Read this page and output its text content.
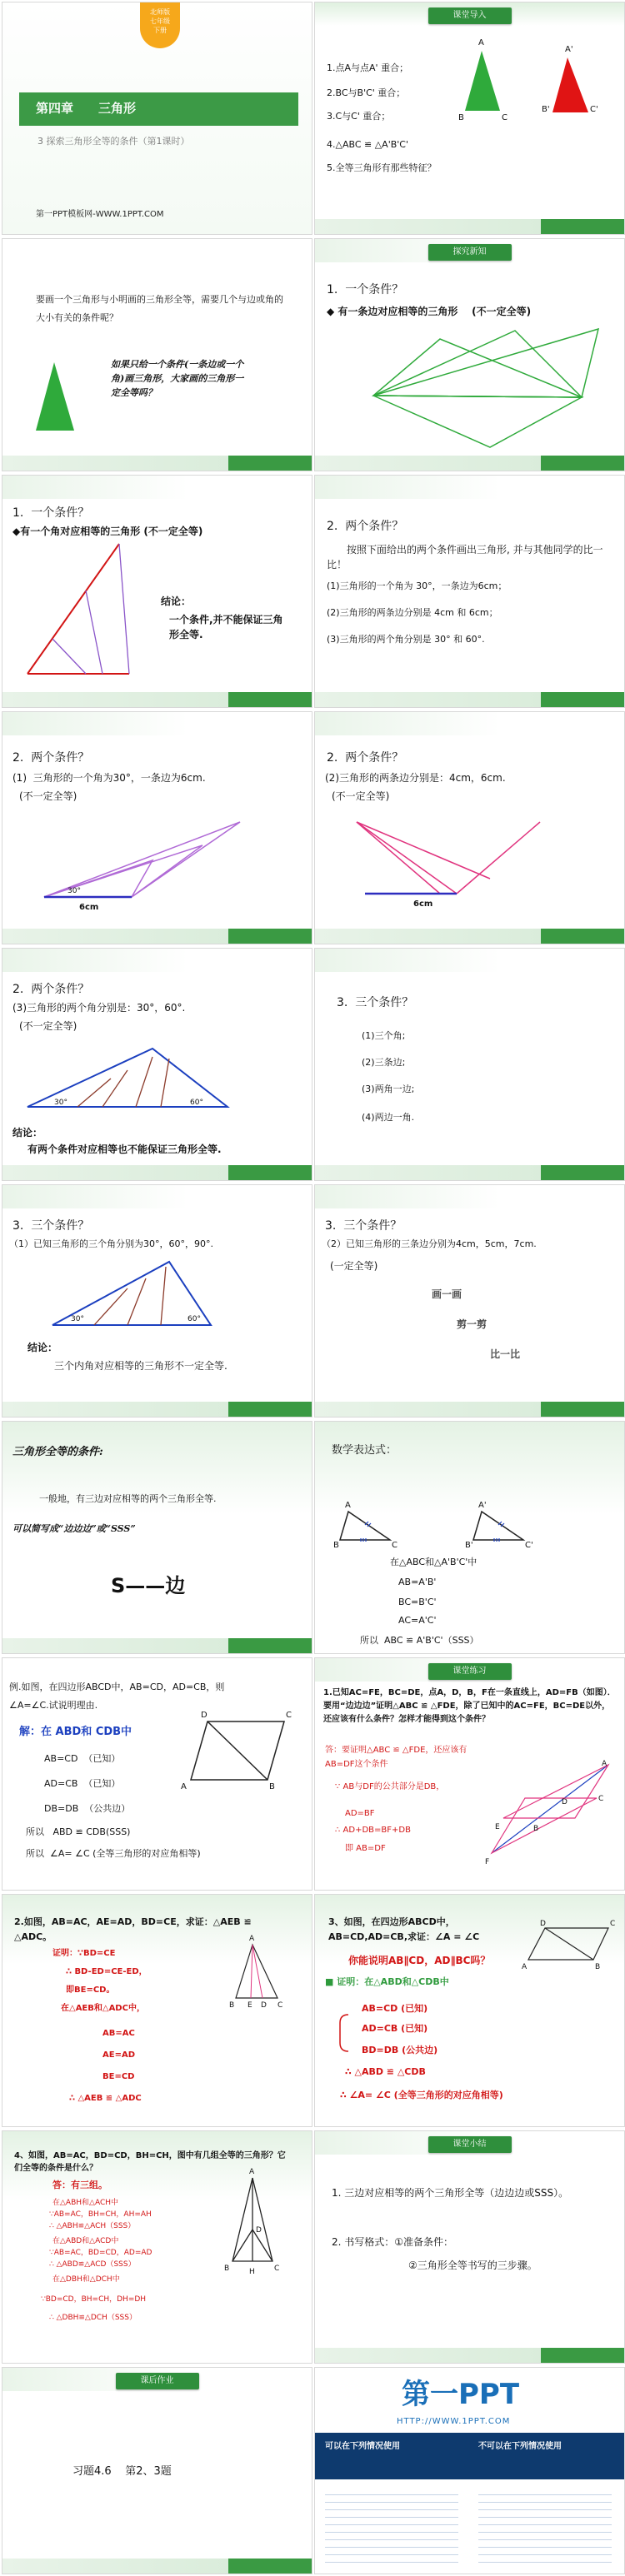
北师版
七年级
下册
第四章　　三角形
3 探索三角形全等的条件（第1课时）
第一PPT模板网-WWW.1PPT.COM
课堂导入
1.点A与点A' 重合；
2.BC与B'C' 重合；
3.C与C' 重合；
4.△ABC ≌ △A'B'C'
5.全等三角形有那些特征？
A
B	C
A'
B'	C'
要画一个三角形与小明画的三角形全等，需要几个与边或角的大小有关的条件呢？
如果只给一个条件(一条边或一个角)画三角形，大家画的三角形一定全等吗？
探究新知
1.  一个条件？
◆ 有一条边对应相等的三角形    (不一定全等)
1.  一个条件？
◆有一个角对应相等的三角形 (不一定全等)
结论：
一个条件,并不能保证三角形全等.
2.  两个条件？
按照下面给出的两个条件画出三角形, 并与其他同学的比一比！
(1)三角形的一个角为 30°，一条边为6cm；
(2)三角形的两条边分别是 4cm 和 6cm；
(3)三角形的两个角分别是 30° 和 60°.
2.  两个条件？
(1)  三角形的一个角为30°，一条边为6cm.
(不一定全等)
30°
6cm
2.  两个条件？
(2)三角形的两条边分别是：4cm，6cm.
(不一定全等)
6cm
2.  两个条件？
(3)三角形的两个角分别是：30°，60°.
(不一定全等)
30°	60°
结论：
有两个条件对应相等也不能保证三角形全等.
3.  三个条件？
(1)三个角;
(2)三条边;
(3)两角一边;
(4)两边一角.
3.  三个条件？
（1）已知三角形的三个角分别为30°，60°，90°.
30°	60°
结论：
三个内角对应相等的三角形不一定全等.
3.  三个条件？
（2）已知三角形的三条边分别为4cm，5cm，7cm.
(一定全等)
画一画
剪一剪
比一比
三角形全等的条件:
一般地，有三边对应相等的两个三角形全等.
可以简写成“边边边”或“SSS”
S——边
数学表达式：
A
B	C
A'
B'	C'
在△ABC和△A'B'C'中
AB=A'B'
BC=B'C'
AC=A'C'
所以  ABC ≌ A'B'C'（SSS）
例.如图，在四边形ABCD中，AB=CD，AD=CB，则∠A=∠C.试说明理由.
解：在 ABD和 CDB中
AB=CD  （已知）
AD=CB  （已知）
DB=DB  （公共边）
所以   ABD ≌ CDB(SSS)
所以  ∠A= ∠C (全等三角形的对应角相等)
D	C
A	B
课堂练习
1.已知AC=FE，BC=DE，点A，D，B，F在一条直线上，AD=FB（如图）．要用“边边边”证明△ABC ≌ △FDE，除了已知中的AC=FE，BC=DE以外，还应该有什么条件？怎样才能得到这个条件？
答：要证明△ABC ≌ △FDE，还应该有AB=DF这个条件
∵ AB与DF的公共部分是DB，
AD=BF
∴ AD+DB=BF+DB
即 AB=DF
A
D
B
F
C
E
2.如图，AB=AC，AE=AD，BD=CE，求证：△AEB ≌ △ADC。
证明：∵BD=CE
∴ BD-ED=CE-ED，
即BE=CD。
在△AEB和△ADC中，
AB=AC
AE=AD
BE=CD
∴ △AEB ≌ △ADC
A
B E D C
3、如图，在四边形ABCD中，AB=CD,AD=CB,求证：∠A = ∠C
你能说明AB∥CD，AD∥BC吗？
■ 证明：在△ABD和△CDB中
AB=CD (已知)
AD=CB (已知)
BD=DB (公共边)
∴ △ABD ≌ △CDB
∴ ∠A= ∠C (全等三角形的对应角相等)
D	C
A	B
4、如图，AB=AC，BD=CD，BH=CH，图中有几组全等的三角形？它们全等的条件是什么？
答：有三组。
在△ABH和△ACH中
∵AB=AC，BH=CH，AH=AH
∴ △ABH≌△ACH（SSS）
在△ABD和△ACD中
∵AB=AC，BD=CD，AD=AD
∴ △ABD≌△ACD（SSS）
在△DBH和△DCH中
∵BD=CD，BH=CH，DH=DH
∴ △DBH≌△DCH（SSS）
A
D
B	H	C
课堂小结
1. 三边对应相等的两个三角形全等（边边边或SSS）。
2. 书写格式：①准备条件：
②三角形全等书写的三步骤。
课后作业
习题4.6    第2、3题
第一PPT
HTTP://WWW.1PPT.COM
可以在下列情况使用	不可以在下列情况使用
